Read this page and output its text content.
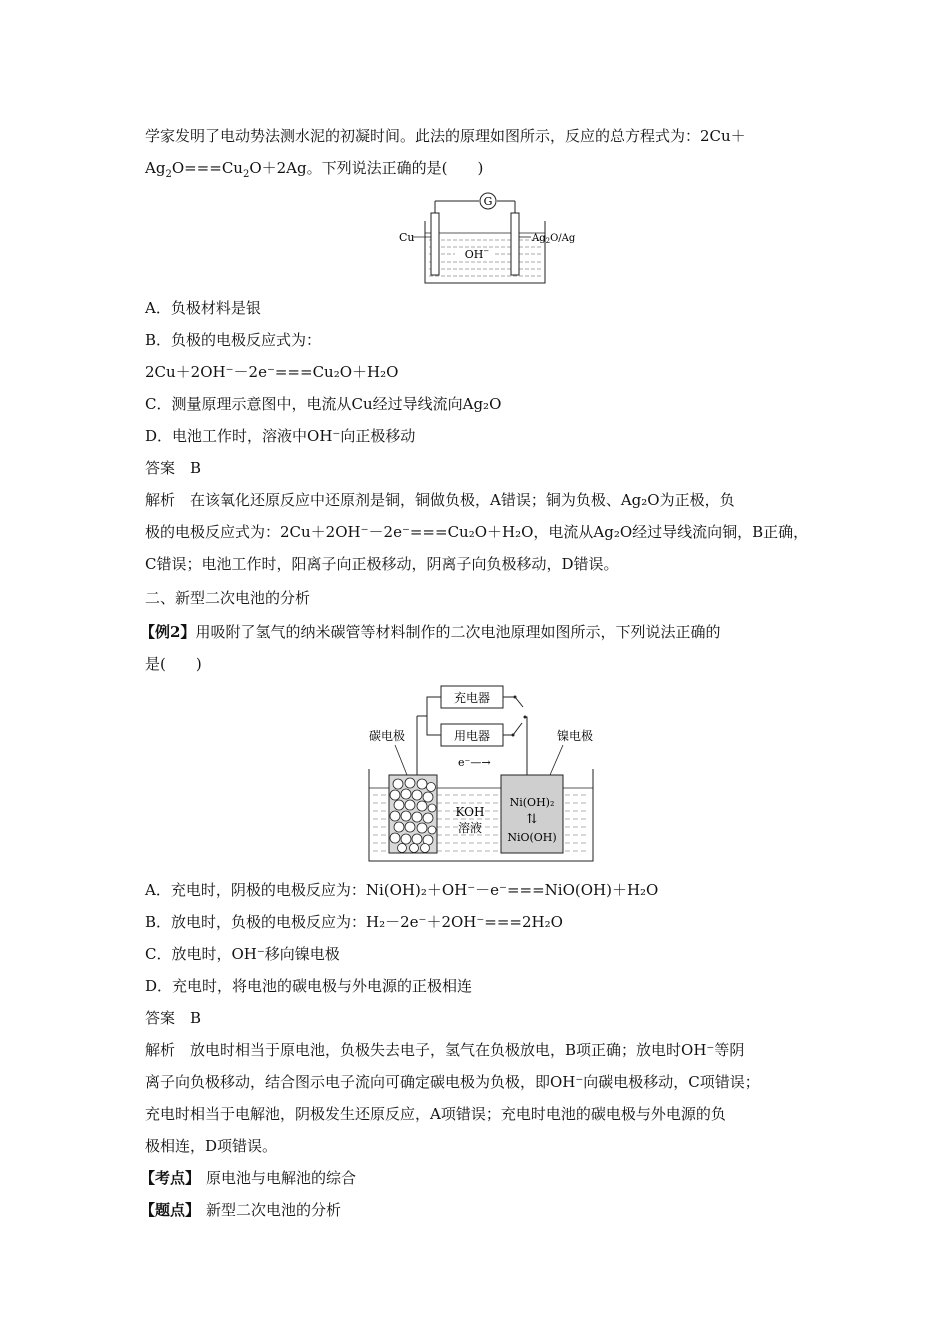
学家发明了电动势法测水泥的初凝时间。此法的原理如图所示，反应的总方程式为：2Cu＋
$Ag_2O===Cu_2O+2Ag$。下列说法正确的是(　　)
G
Cu	$Ag_2O/Ag$
OH−
A．负极材料是银
B．负极的电极反应式为：
2Cu＋2OH⁻－2e⁻===Cu₂O＋H₂O
C．测量原理示意图中，电流从Cu经过导线流向Ag₂O
D．电池工作时，溶液中OH⁻向正极移动
答案　B
解析　在该氧化还原反应中还原剂是铜，铜做负极，A错误；铜为负极、Ag₂O为正极，负
极的电极反应式为：2Cu＋2OH⁻－2e⁻===Cu₂O＋H₂O，电流从Ag₂O经过导线流向铜，B正确，
C错误；电池工作时，阳离子向正极移动，阴离子向负极移动，D错误。
二、新型二次电池的分析
【例2】用吸附了氢气的纳米碳管等材料制作的二次电池原理如图所示，下列说法正确的
是(　　)
充电器
用电器
碳电极	镍电极
e⁻—→
KOH
溶液
Ni(OH)₂
⇅
NiO(OH)
A．充电时，阴极的电极反应为：Ni(OH)₂＋OH⁻－e⁻===NiO(OH)＋H₂O
B．放电时，负极的电极反应为：H₂－2e⁻＋2OH⁻===2H₂O
C．放电时，OH⁻移向镍电极
D．充电时，将电池的碳电极与外电源的正极相连
答案　B
解析　放电时相当于原电池，负极失去电子，氢气在负极放电，B项正确；放电时OH⁻等阴
离子向负极移动，结合图示电子流向可确定碳电极为负极，即OH⁻向碳电极移动，C项错误；
充电时相当于电解池，阴极发生还原反应，A项错误；充电时电池的碳电极与外电源的负
极相连，D项错误。
【考点】 原电池与电解池的综合
【题点】 新型二次电池的分析
